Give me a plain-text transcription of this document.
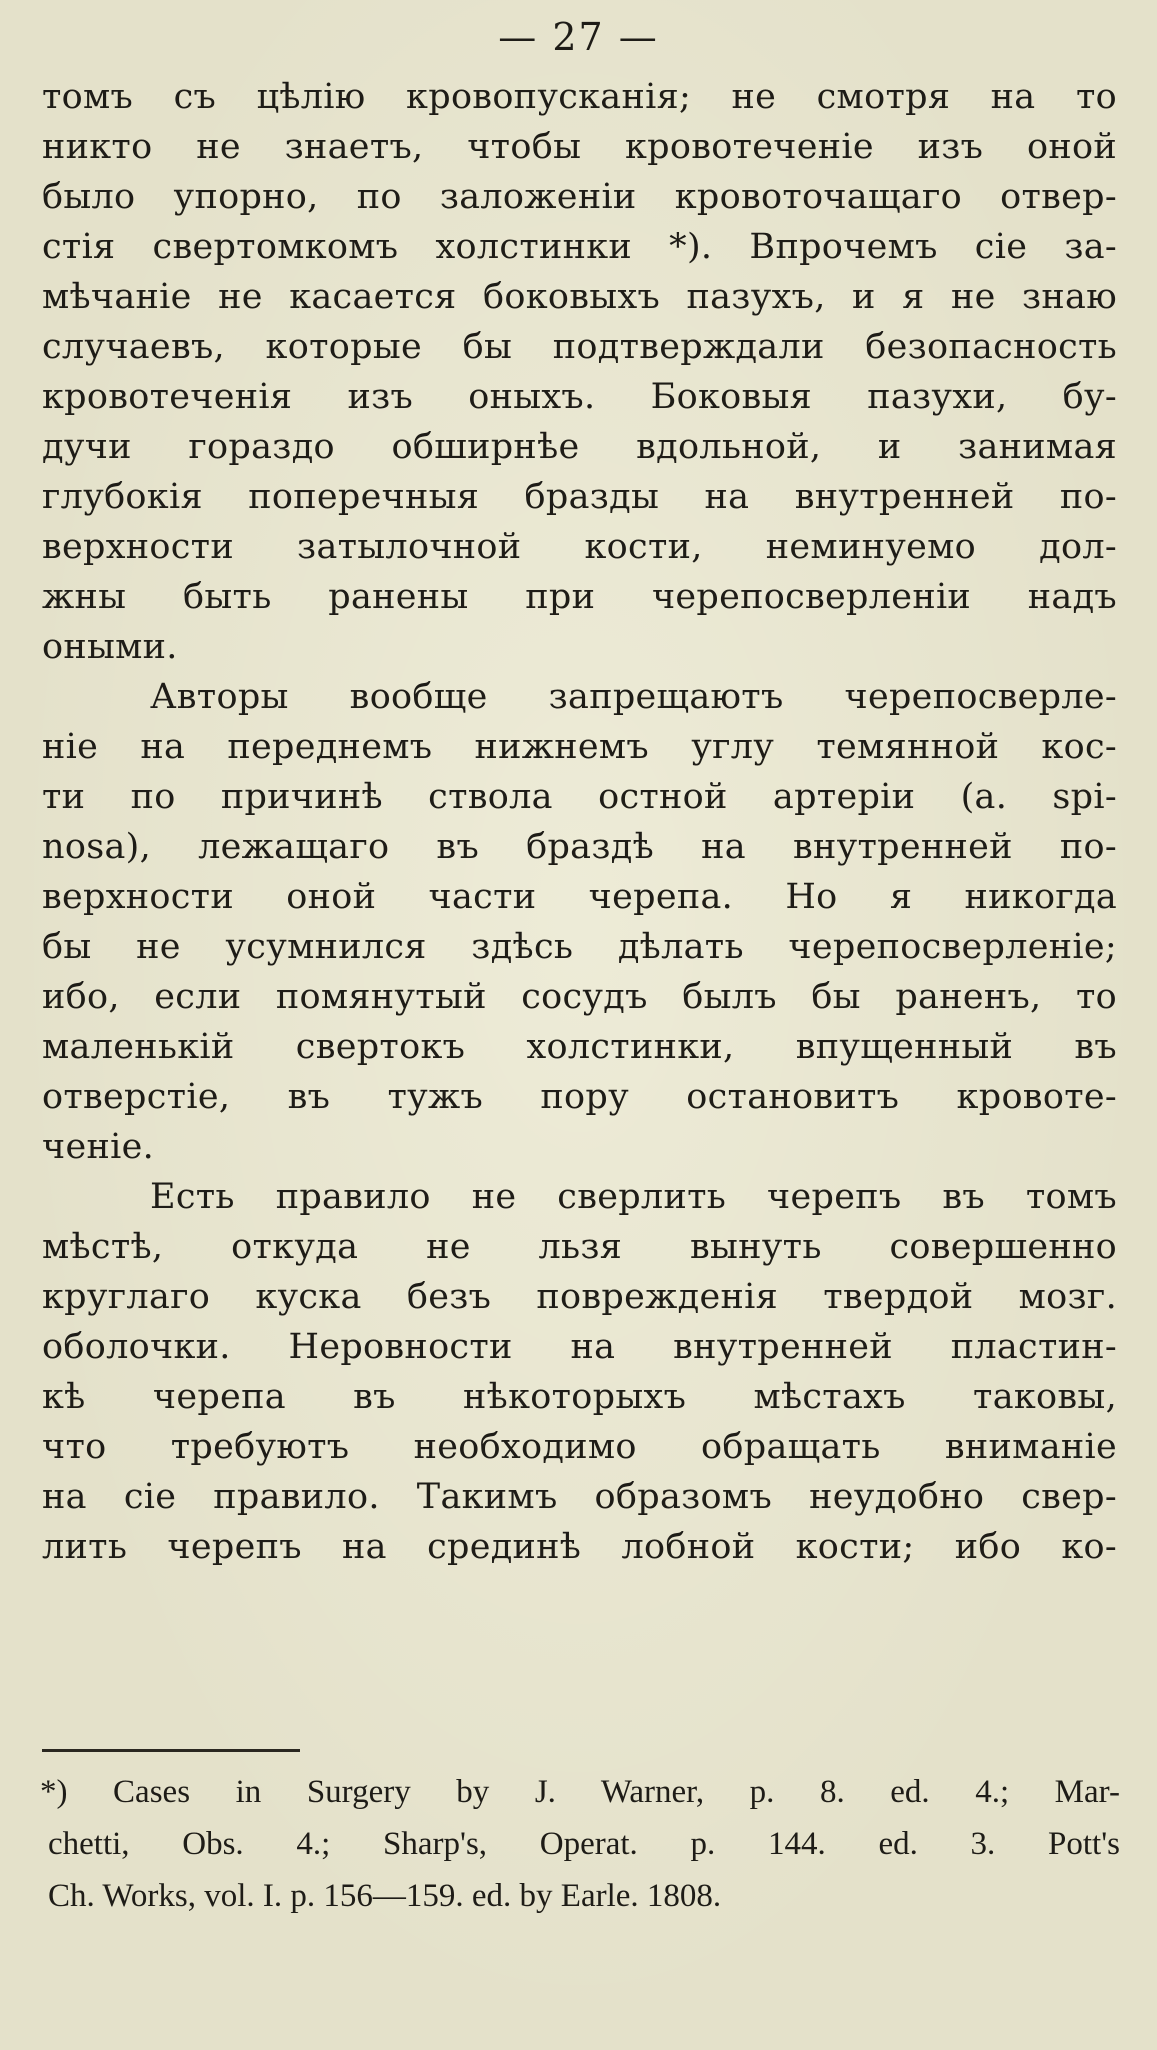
— 27 —
томъ съ цѣлію кровопусканія; не смотря на то
никто не знаетъ, чтобы кровотеченіе изъ оной
было упорно, по заложеніи кровоточащаго отвер-
стія свертомкомъ холстинки *). Впрочемъ сіе за-
мѣчаніе не касается боковыхъ пазухъ, и я не знаю
случаевъ, которые бы подтверждали безопасность
кровотеченія изъ оныхъ. Боковыя пазухи, бу-
дучи гораздо обширнѣе вдольной, и занимая
глубокія поперечныя бразды на внутренней по-
верхности затылочной кости, неминуемо дол-
жны быть ранены при черепосверленіи надъ
оными.
Авторы вообще запрещаютъ черепосверле-
ніе на переднемъ нижнемъ углу темянной кос-
ти по причинѣ ствола остной артеріи (a. spi-
nosa), лежащаго въ браздѣ на внутренней по-
верхности оной части черепа. Но я никогда
бы не усумнился здѣсь дѣлать черепосверленіе;
ибо, если помянутый сосудъ былъ бы раненъ, то
маленькій свертокъ холстинки, впущенный въ
отверстіе, въ тужъ пору остановитъ кровоте-
ченіе.
Есть правило не сверлить черепъ въ томъ
мѣстѣ, откуда не льзя вынуть совершенно
круглаго куска безъ поврежденія твердой мозг.
оболочки. Неровности на внутренней пластин-
кѣ черепа въ нѣкоторыхъ мѣстахъ таковы,
что требуютъ необходимо обращать вниманіе
на сіе правило. Такимъ образомъ неудобно свер-
лить черепъ на срединѣ лобной кости; ибо ко-
*) Cases in Surgery by J. Warner, p. 8. ed. 4.; Mar-
chetti, Obs. 4.; Sharp's, Operat. p. 144. ed. 3. Pott's
Ch. Works, vol. I. p. 156—159. ed. by Earle. 1808.
